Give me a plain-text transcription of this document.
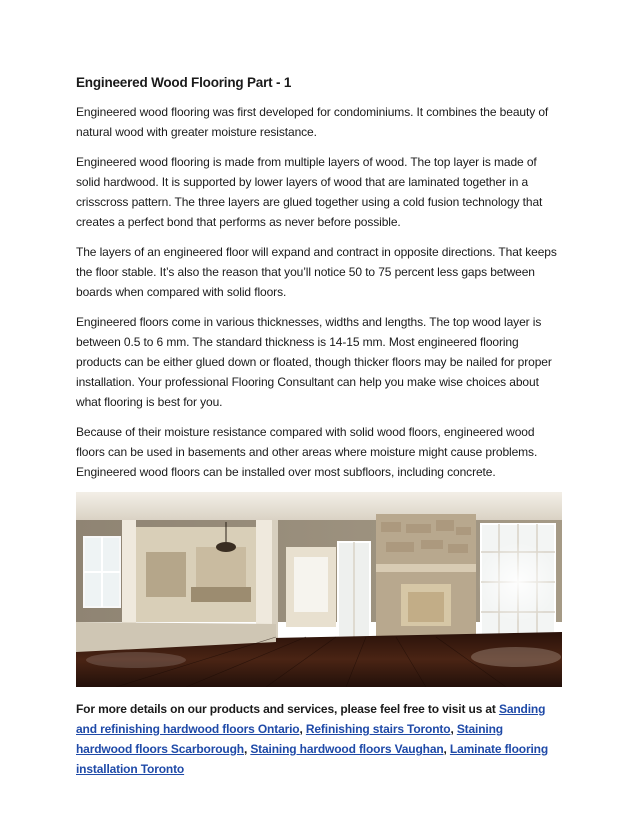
Engineered Wood Flooring Part - 1

Engineered wood flooring was first developed for condominiums. It combines the beauty of natural wood with greater moisture resistance.

Engineered wood flooring is made from multiple layers of wood. The top layer is made of solid hardwood. It is supported by lower layers of wood that are laminated together in a crisscross pattern. The three layers are glued together using a cold fusion technology that creates a perfect bond that performs as never before possible.

The layers of an engineered floor will expand and contract in opposite directions. That keeps the floor stable. It’s also the reason that you’ll notice 50 to 75 percent less gaps between boards when compared with solid floors.

Engineered floors come in various thicknesses, widths and lengths. The top wood layer is between 0.5 to 6 mm. The standard thickness is 14-15 mm. Most engineered flooring products can be either glued down or floated, though thicker floors may be nailed for proper installation. Your professional Flooring Consultant can help you make wise choices about what flooring is best for you.

Because of their moisture resistance compared with solid wood floors, engineered wood floors can be used in basements and other areas where moisture might cause problems. Engineered wood floors can be installed over most subfloors, including concrete.

For more details on our products and services, please feel free to visit us at Sanding and refinishing hardwood floors Ontario, Refinishing stairs Toronto, Staining hardwood floors Scarborough, Staining hardwood floors Vaughan, Laminate flooring installation Toronto
